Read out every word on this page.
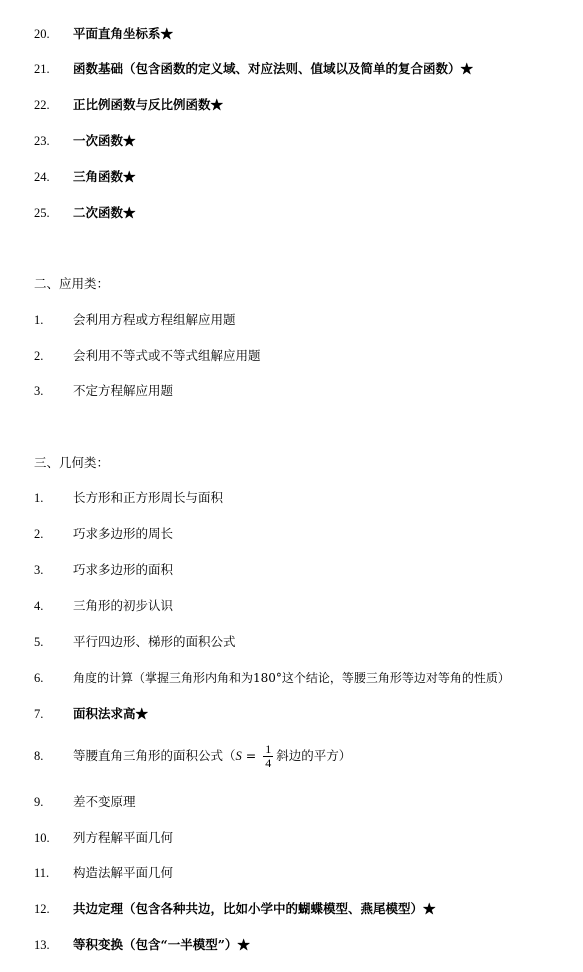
20.	平面直角坐标系★
21.	函数基础（包含函数的定义域、对应法则、值域以及简单的复合函数）★
22.	正比例函数与反比例函数★
23.	一次函数★
24.	三角函数★
25.	二次函数★
二、应用类：
1.	会利用方程或方程组解应用题
2.	会利用不等式或不等式组解应用题
3.	不定方程解应用题
三、几何类：
1.	长方形和正方形周长与面积
2.	巧求多边形的周长
3.	巧求多边形的面积
4.	三角形的初步认识
5.	平行四边形、梯形的面积公式
6.	角度的计算（掌握三角形内角和为180°这个结论，等腰三角形等边对等角的性质）
7.	面积法求高★
8.	等腰直角三角形的面积公式（$S = \frac{1}{4}$ 斜边的平方）
9.	差不变原理
10.	列方程解平面几何
11.	构造法解平面几何
12.	共边定理（包含各种共边，比如小学中的蝴蝶模型、燕尾模型）★
13.	等积变换（包含“一半模型”）★
